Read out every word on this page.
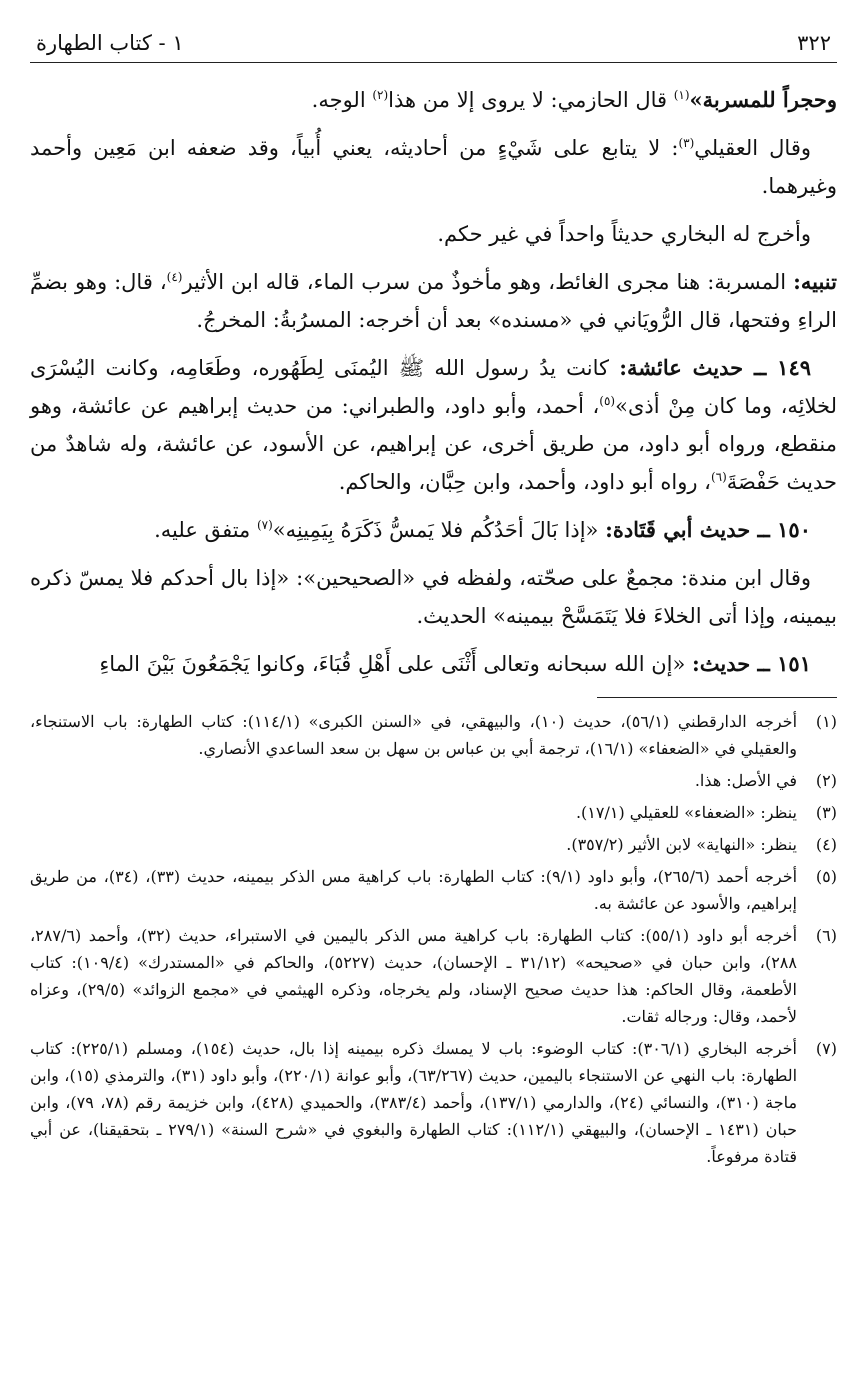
٣٢٢
١ - كتاب الطهارة

وحجراً للمسربة»$^{(١)}$ قال الحازمي: لا يروى إلا من هذا$^{(٢)}$ الوجه.

وقال العقيلي$^{(٣)}$: لا يتابع على شَيْءٍ من أحاديثه، يعني أُبياً، وقد ضعفه ابن مَعِين وأحمد وغيرهما.

وأخرج له البخاري حديثاً واحداً في غير حكم.

تنبيه: المسربة: هنا مجرى الغائط، وهو مأخوذٌ من سرب الماء، قاله ابن الأثير$^{(٤)}$، قال: وهو بضمِّ الراءِ وفتحها، قال الرُّويَاني في «مسنده» بعد أن أخرجه: المسرُبةُ: المخرجُ.

١٤٩ ــ حديث عائشة: كانت يدُ رسول الله ﷺ اليُمنَى لِطَهُوره، وطَعَامِه، وكانت اليُسْرَى لخلائِه، وما كان مِنْ أذى»$^{(٥)}$، أحمد، وأبو داود، والطبراني: من حديث إبراهيم عن عائشة، وهو منقطع، ورواه أبو داود، من طريق أخرى، عن إبراهيم، عن الأسود، عن عائشة، وله شاهدٌ من حديث حَفْصَةَ$^{(٦)}$، رواه أبو داود، وأحمد، وابن حِبَّان، والحاكم.

١٥٠ ــ حديث أبي قَتَادة: «إذا بَالَ أحَدُكُم فلا يَمسُّ ذَكَرَهُ بِيَمِينِه»$^{(٧)}$ متفق عليه.

وقال ابن مندة: مجمعٌ على صحّته، ولفظه في «الصحيحين»: «إذا بال أحدكم فلا يمسّ ذكره بيمينه، وإذا أتى الخلاءَ فلا يَتَمَسَّحْ بيمينه» الحديث.

١٥١ ــ حديث: «إن الله سبحانه وتعالى أَثْنَى على أَهْلِ قُبَاءَ، وكانوا يَجْمَعُونَ بَيْنَ الماءِ

(١)
أخرجه الدارقطني (٥٦/١)، حديث (١٠)، والبيهقي، في «السنن الكبرى» (١١٤/١): كتاب الطهارة: باب الاستنجاء، والعقيلي في «الضعفاء» (١٦/١)، ترجمة أبي بن عباس بن سهل بن سعد الساعدي الأنصاري.
(٢)
في الأصل: هذا.
(٣)
ينظر: «الضعفاء» للعقيلي (١٧/١).
(٤)
ينظر: «النهاية» لابن الأثير (٣٥٧/٢).
(٥)
أخرجه أحمد (٢٦٥/٦)، وأبو داود (٩/١): كتاب الطهارة: باب كراهية مس الذكر بيمينه، حديث (٣٣)، (٣٤)، من طريق إبراهيم، والأسود عن عائشة به.
(٦)
أخرجه أبو داود (٥٥/١): كتاب الطهارة: باب كراهية مس الذكر باليمين في الاستبراء، حديث (٣٢)، وأحمد (٢٨٧/٦، ٢٨٨)، وابن حبان في «صحيحه» (٣١/١٢ ـ الإحسان)، حديث (٥٢٢٧)، والحاكم في «المستدرك» (١٠٩/٤): كتاب الأطعمة، وقال الحاكم: هذا حديث صحيح الإسناد، ولم يخرجاه، وذكره الهيثمي في «مجمع الزوائد» (٢٩/٥)، وعزاه لأحمد، وقال: ورجاله ثقات.
(٧)
أخرجه البخاري (٣٠٦/١): كتاب الوضوء: باب لا يمسك ذكره بيمينه إذا بال، حديث (١٥٤)، ومسلم (٢٢٥/١): كتاب الطهارة: باب النهي عن الاستنجاء باليمين، حديث (٦٣/٢٦٧)، وأبو عوانة (٢٢٠/١)، وأبو داود (٣١)، والترمذي (١٥)، وابن ماجة (٣١٠)، والنسائي (٢٤)، والدارمي (١٣٧/١)، وأحمد (٣٨٣/٤)، والحميدي (٤٢٨)، وابن خزيمة رقم (٧٨، ٧٩)، وابن حبان (١٤٣١ ـ الإحسان)، والبيهقي (١١٢/١): كتاب الطهارة والبغوي في «شرح السنة» (٢٧٩/١ ـ بتحقيقنا)، عن أبي قتادة مرفوعاً.
